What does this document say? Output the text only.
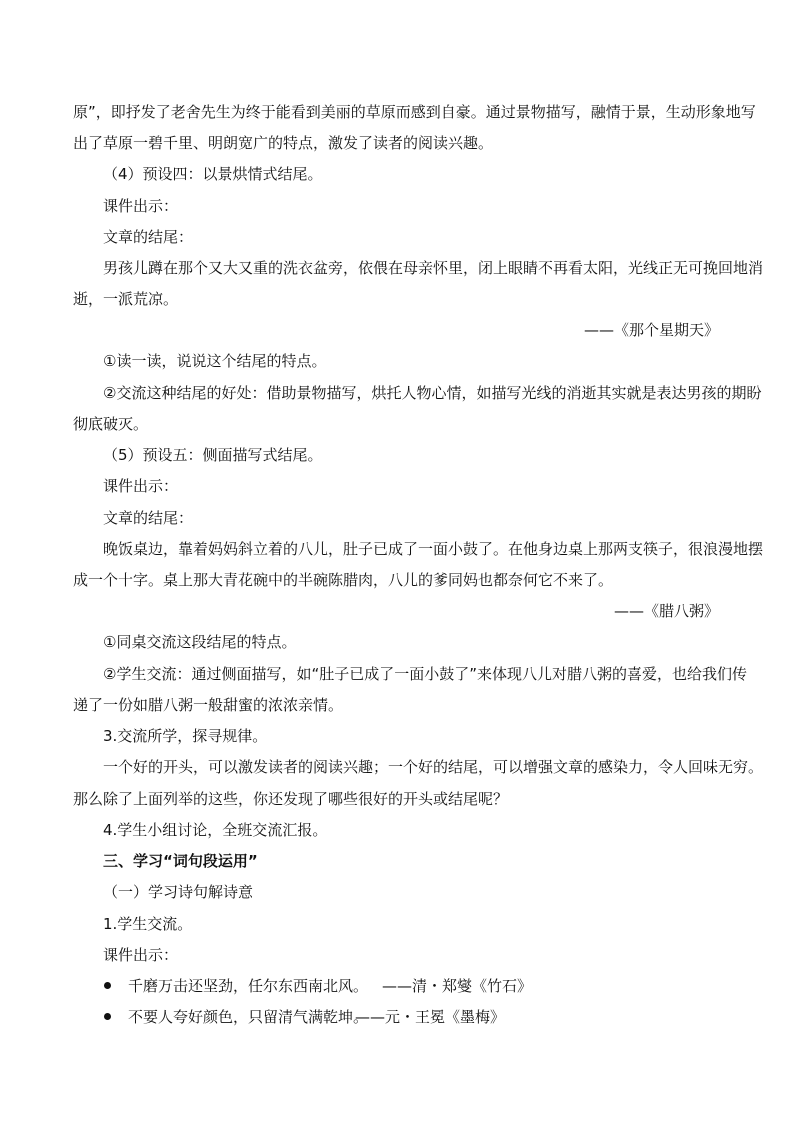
原”，即抒发了老舍先生为终于能看到美丽的草原而感到自豪。通过景物描写，融情于景，生动形象地写
出了草原一碧千里、明朗宽广的特点，激发了读者的阅读兴趣。
（4）预设四：以景烘情式结尾。
课件出示：
文章的结尾：
男孩儿蹲在那个又大又重的洗衣盆旁，依偎在母亲怀里，闭上眼睛不再看太阳，光线正无可挽回地消
逝，一派荒凉。
——《那个星期天》
①读一读，说说这个结尾的特点。
②交流这种结尾的好处：借助景物描写，烘托人物心情，如描写光线的消逝其实就是表达男孩的期盼
彻底破灭。
（5）预设五：侧面描写式结尾。
课件出示：
文章的结尾：
晚饭桌边，靠着妈妈斜立着的八儿，肚子已成了一面小鼓了。在他身边桌上那两支筷子，很浪漫地摆
成一个十字。桌上那大青花碗中的半碗陈腊肉，八儿的爹同妈也都奈何它不来了。
——《腊八粥》
①同桌交流这段结尾的特点。
②学生交流：通过侧面描写，如“肚子已成了一面小鼓了”来体现八儿对腊八粥的喜爱，也给我们传
递了一份如腊八粥一般甜蜜的浓浓亲情。
3.交流所学，探寻规律。
一个好的开头，可以激发读者的阅读兴趣；一个好的结尾，可以增强文章的感染力，令人回味无穷。
那么除了上面列举的这些，你还发现了哪些很好的开头或结尾呢？
4.学生小组讨论，全班交流汇报。
三、学习“词句段运用”
（一）学习诗句解诗意
1.学生交流。
课件出示：
千磨万击还坚劲，任尔东西南北风。 ——清・郑燮《竹石》
不要人夸好颜色，只留清气满乾坤。
——元・王冕《墨梅》
